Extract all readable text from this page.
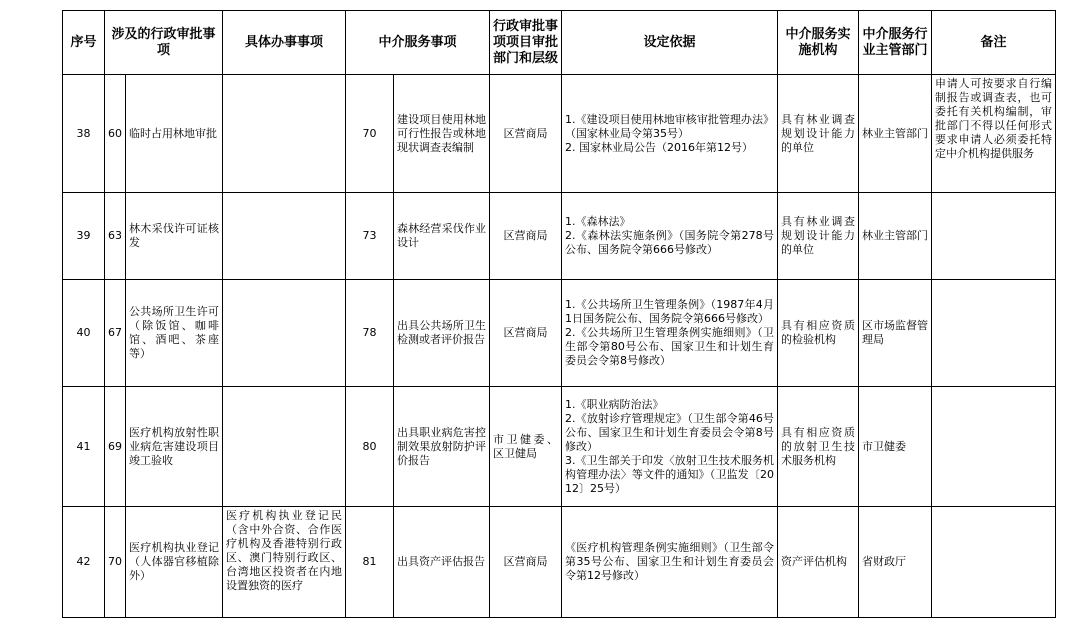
序号	涉及的行政审批事项		具体办事事项	中介服务事项		行政审批事项项目审批部门和层级	设定依据	中介服务实施机构	中介服务行业主管部门	备注
38	60	临时占用林地审批		70	建设项目使用林地可行性报告或林地现状调查表编制	区营商局	1.《建设项目使用林地审核审批管理办法》（国家林业局令第35号）
2. 国家林业局公告（2016年第12号）	具有林业调查规划设计能力的单位	林业主管部门	申请人可按要求自行编制报告或调查表，也可委托有关机构编制，审批部门不得以任何形式要求申请人必须委托特定中介机构提供服务
39	63	林木采伐许可证核发		73	森林经营采伐作业设计	区营商局	1.《森林法》
2.《森林法实施条例》（国务院令第278号公布、国务院令第666号修改）	具有林业调查规划设计能力的单位	林业主管部门	
40	67	公共场所卫生许可（除饭馆、咖啡馆、酒吧、茶座等）		78	出具公共场所卫生检测或者评价报告	区营商局	1.《公共场所卫生管理条例》（1987年4月1日国务院公布、国务院令第666号修改）
2.《公共场所卫生管理条例实施细则》（卫生部令第80号公布、国家卫生和计划生育委员会令第8号修改）	具有相应资质的检验机构	区市场监督管理局	
41	69	医疗机构放射性职业病危害建设项目竣工验收		80	出具职业病危害控制效果放射防护评价报告	市卫健委、区卫健局	1.《职业病防治法》
2.《放射诊疗管理规定》（卫生部令第46号公布、国家卫生和计划生育委员会令第8号修改）
3.《卫生部关于印发〈放射卫生技术服务机构管理办法〉等文件的通知》（卫监发〔2012〕25号）	具有相应资质的放射卫生技术服务机构	市卫健委	
42	70	医疗机构执业登记（人体器官移植除外）	医疗机构执业登记民（含中外合资、合作医疗机构及香港特别行政区、澳门特别行政区、台湾地区投资者在内地设置独资的医疗	81	出具资产评估报告	区营商局	《医疗机构管理条例实施细则》（卫生部令第35号公布、国家卫生和计划生育委员会令第12号修改）	资产评估机构	省财政厅	
